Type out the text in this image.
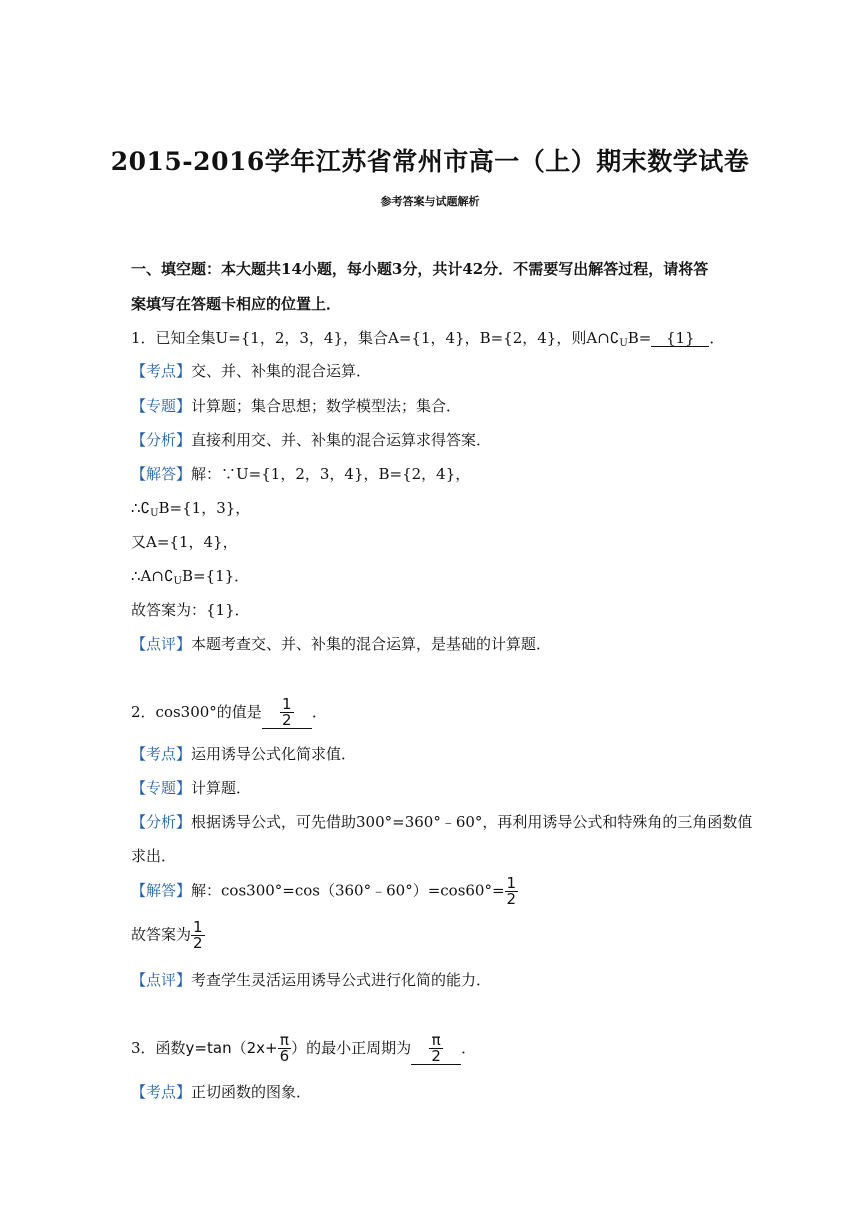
2015-2016学年江苏省常州市高一（上）期末数学试卷
参考答案与试题解析
一、填空题：本大题共14小题，每小题3分，共计42分．不需要写出解答过程，请将答
案填写在答题卡相应的位置上．
1．已知全集U={1，2，3，4}，集合A={1，4}，B={2，4}，则$A\cap∁_UB= \{1\}$ ．
【考点】交、并、补集的混合运算．
【专题】计算题；集合思想；数学模型法；集合．
【分析】直接利用交、并、补集的混合运算求得答案．
【解答】解：∵U={1，2，3，4}，B={2，4}，
$\therefore∁_UB=\{1$，3}，
又A={1，4}，
$\therefore A\cap∁_UB=\{1\}$．
故答案为：{1}．
【点评】本题考查交、并、补集的混合运算，是基础的计算题．
2．cos300°的值是 $\frac{1}{2}$ ．
【考点】运用诱导公式化简求值．
【专题】计算题．
【分析】根据诱导公式，可先借助300°=360°﹣60°，再利用诱导公式和特殊角的三角函数值
求出．
【解答】解：cos300°=cos（360°﹣60°）=cos60°= $\frac{1}{2}$
故答案为 $\frac{1}{2}$
【点评】考查学生灵活运用诱导公式进行化简的能力．
3．函数$y=\tan(2x+ \frac{\pi}{6}$ ）的最小正周期为 $\frac{\pi}{2}$ ．
【考点】正切函数的图象．
